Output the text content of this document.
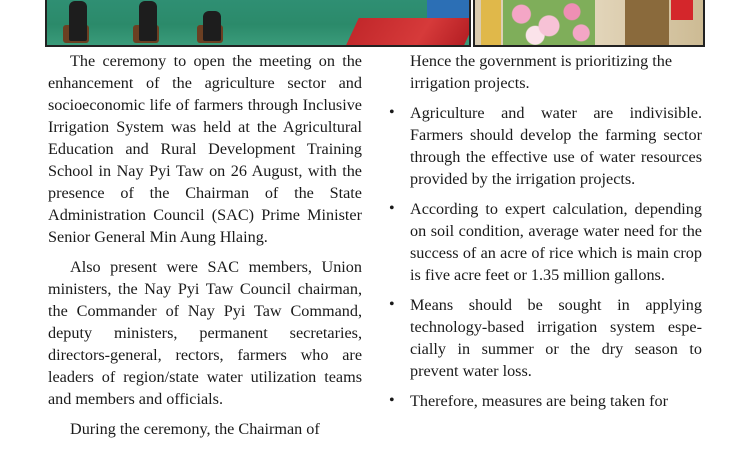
The ceremony to open the meeting on the enhancement of the agriculture sector and socioeconomic life of farmers through Inclusive Irrigation System was held at the Agricultural Education and Rural Development Training School in Nay Pyi Taw on 26 August, with the presence of the Chairman of the State Administration Council (SAC) Prime Minister Senior General Min Aung Hlaing.

Also present were SAC members, Union ministers, the Nay Pyi Taw Council chairman, the Commander of Nay Pyi Taw Command, deputy ministers, permanent secretaries, directors-general, rectors, farmers who are leaders of region/state water utilization teams and members and officials.

During the ceremony, the Chairman of

Hence the government is prioritizing the irrigation projects.

• Agriculture and water are indivisible. Farmers should develop the farming sector through the effective use of water resources provided by the irrigation projects.
• According to expert calculation, depending on soil condition, average water need for the success of an acre of rice which is main crop is five acre feet or 1.35 million gallons.
• Means should be sought in applying technology-based irrigation system especially in summer or the dry season to prevent water loss.
• Therefore, measures are being taken for
